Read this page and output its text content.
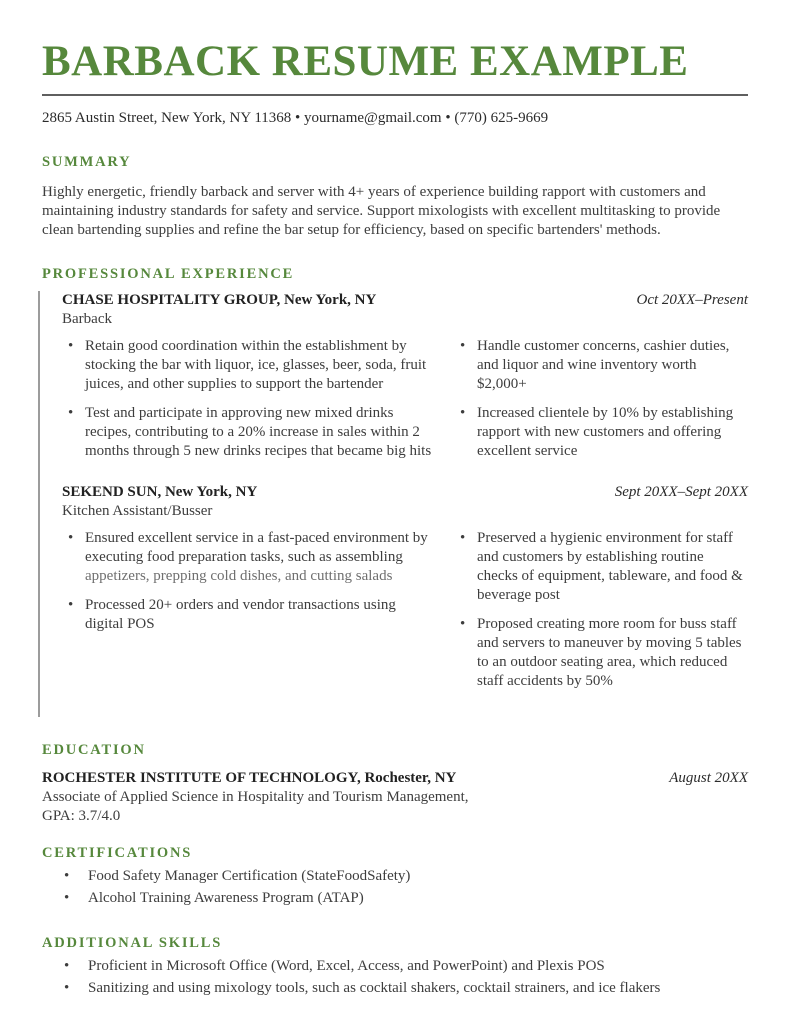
BARBACK RESUME EXAMPLE
2865 Austin Street, New York, NY 11368 • yourname@gmail.com • (770) 625-9669
SUMMARY

Highly energetic, friendly barback and server with 4+ years of experience building rapport with customers and maintaining industry standards for safety and service. Support mixologists with excellent multitasking to provide clean bartending supplies and refine the bar setup for efficiency, based on specific bartenders' methods.

PROFESSIONAL EXPERIENCE
CHASE HOSPITALITY GROUP, New York, NY	Oct 20XX–Present
Barback
• Retain good coordination within the establishment by stocking the bar with liquor, ice, glasses, beer, soda, fruit juices, and other supplies to support the bartender
• Test and participate in approving new mixed drinks recipes, contributing to a 20% increase in sales within 2 months through 5 new drinks recipes that became big hits
• Handle customer concerns, cashier duties, and liquor and wine inventory worth $2,000+
• Increased clientele by 10% by establishing rapport with new customers and offering excellent service
SEKEND SUN, New York, NY	Sept 20XX–Sept 20XX
Kitchen Assistant/Busser
• Ensured excellent service in a fast-paced environment by executing food preparation tasks, such as assembling appetizers, prepping cold dishes, and cutting salads
• Processed 20+ orders and vendor transactions using digital POS
• Preserved a hygienic environment for staff and customers by establishing routine checks of equipment, tableware, and food & beverage post
• Proposed creating more room for buss staff and servers to maneuver by moving 5 tables to an outdoor seating area, which reduced staff accidents by 50%
EDUCATION
ROCHESTER INSTITUTE OF TECHNOLOGY, Rochester, NY	August 20XX
Associate of Applied Science in Hospitality and Tourism Management,
GPA: 3.7/4.0
CERTIFICATIONS
• Food Safety Manager Certification (StateFoodSafety)
• Alcohol Training Awareness Program (ATAP)
ADDITIONAL SKILLS
• Proficient in Microsoft Office (Word, Excel, Access, and PowerPoint) and Plexis POS
• Sanitizing and using mixology tools, such as cocktail shakers, cocktail strainers, and ice flakers
